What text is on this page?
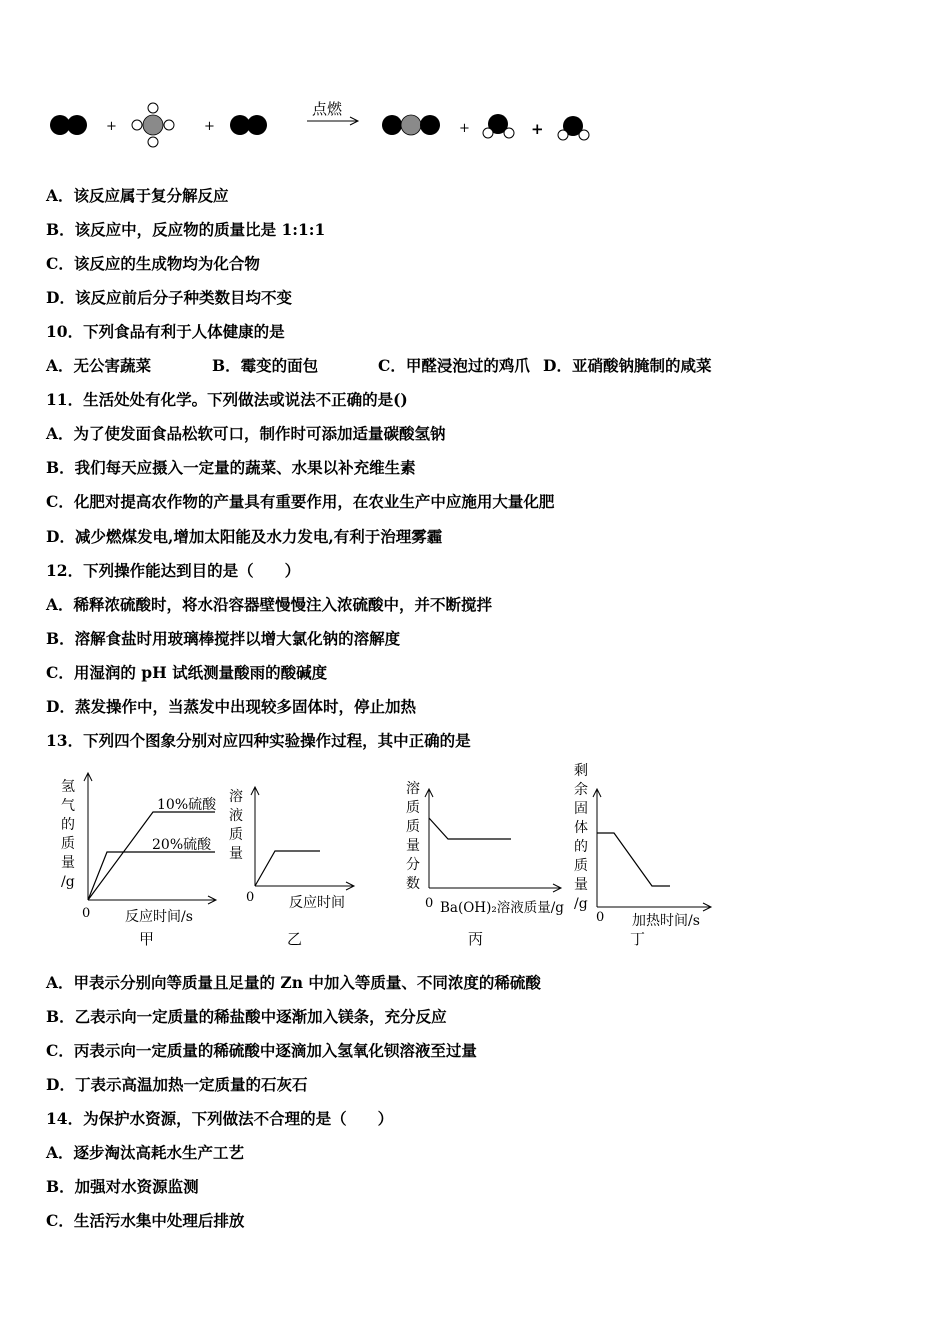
+	+
点燃
+	+
A．该反应属于复分解反应
B．该反应中，反应物的质量比是 1:1:1
C．该反应的生成物均为化合物
D．该反应前后分子种类数目均不变
10．下列食品有利于人体健康的是
A．无公害蔬菜	B．霉变的面包	C．甲醛浸泡过的鸡爪 D．亚硝酸钠腌制的咸菜
11．生活处处有化学。下列做法或说法不正确的是()
A．为了使发面食品松软可口，制作时可添加适量碳酸氢钠
B．我们每天应摄入一定量的蔬菜、水果以补充维生素
C．化肥对提高农作物的产量具有重要作用，在农业生产中应施用大量化肥
D．减少燃煤发电,增加太阳能及水力发电,有利于治理雾霾
12．下列操作能达到目的是（　　）
A．稀释浓硫酸时，将水沿容器壁慢慢注入浓硫酸中，并不断搅拌
B．溶解食盐时用玻璃棒搅拌以增大氯化钠的溶解度
C．用湿润的 pH 试纸测量酸雨的酸碱度
D．蒸发操作中，当蒸发中出现较多固体时，停止加热
13．下列四个图象分别对应四种实验操作过程，其中正确的是
氢
气
的
质
量
/g
10%硫酸
20%硫酸
0 反应时间/s
甲
溶
液
质
量
0 反应时间
乙
溶
质
质
量
分
数
0 Ba(OH)₂溶液质量/g
丙
剩
余
固
体
的
质
量
/g
0 加热时间/s
丁
A．甲表示分别向等质量且足量的 Zn 中加入等质量、不同浓度的稀硫酸
B．乙表示向一定质量的稀盐酸中逐渐加入镁条，充分反应
C．丙表示向一定质量的稀硫酸中逐滴加入氢氧化钡溶液至过量
D．丁表示高温加热一定质量的石灰石
14．为保护水资源，下列做法不合理的是（　　）
A．逐步淘汰高耗水生产工艺
B．加强对水资源监测
C．生活污水集中处理后排放
